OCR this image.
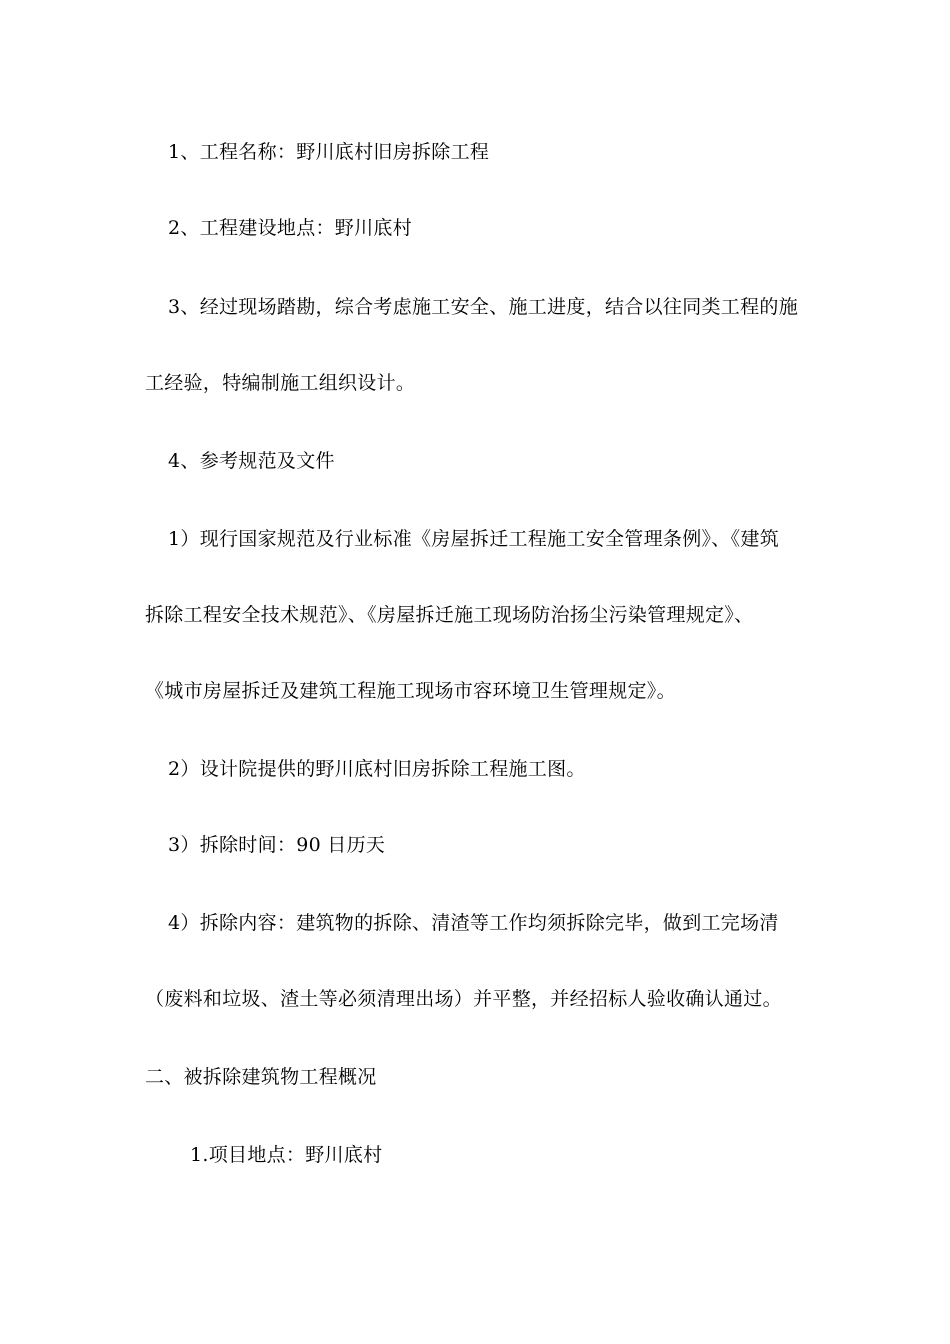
1、工程名称：野川底村旧房拆除工程
2、工程建设地点：野川底村
3、经过现场踏勘，综合考虑施工安全、施工进度，结合以往同类工程的施
工经验，特编制施工组织设计。
4、参考规范及文件
1）现行国家规范及行业标准《房屋拆迁工程施工安全管理条例》、《建筑
拆除工程安全技术规范》、《房屋拆迁施工现场防治扬尘污染管理规定》、
《城市房屋拆迁及建筑工程施工现场市容环境卫生管理规定》。
2）设计院提供的野川底村旧房拆除工程施工图。
3）拆除时间：90 日历天
4）拆除内容：建筑物的拆除、清渣等工作均须拆除完毕，做到工完场清
（废料和垃圾、渣土等必须清理出场）并平整，并经招标人验收确认通过。
二、被拆除建筑物工程概况
1.项目地点：野川底村
